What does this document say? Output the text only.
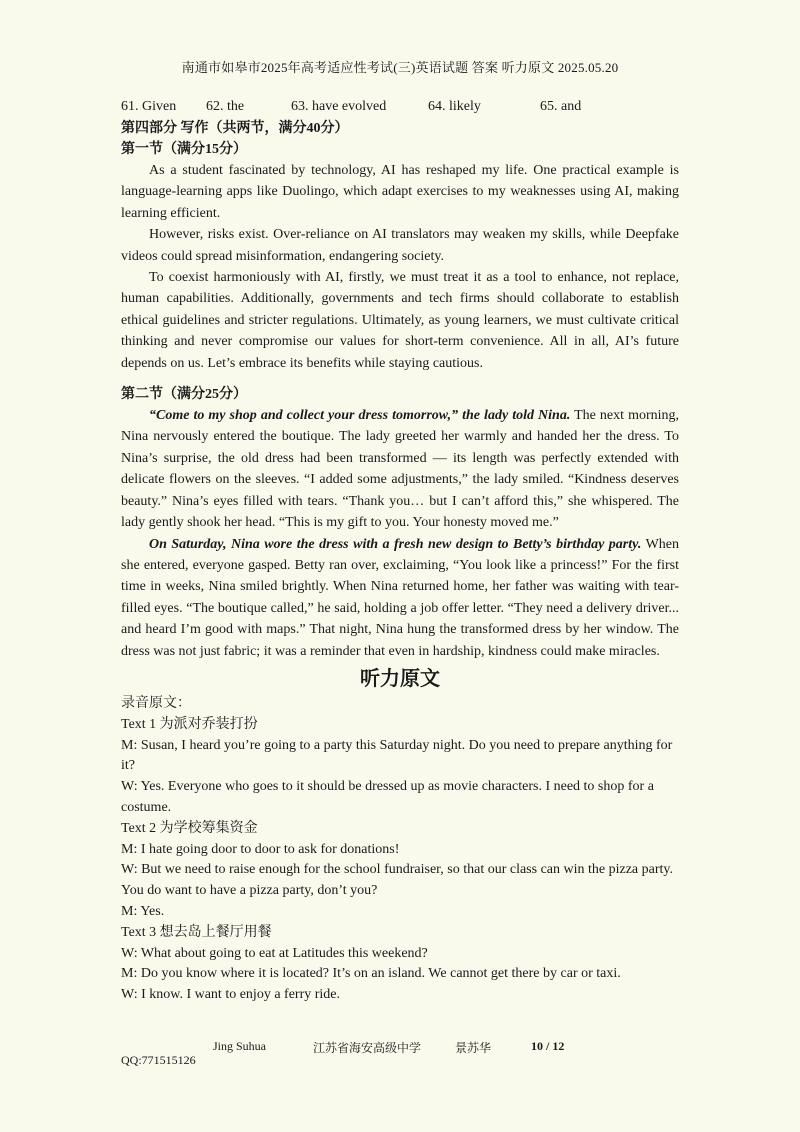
南通市如皋市2025年高考适应性考试(三)英语试题 答案 听力原文 2025.05.20
61. Given	62. the	63. have evolved	64. likely	65. and
第四部分 写作（共两节，满分40分）
第一节（满分15分）

As a student fascinated by technology, AI has reshaped my life. One practical example is language-learning apps like Duolingo, which adapt exercises to my weaknesses using AI, making learning efficient.

However, risks exist. Over-reliance on AI translators may weaken my skills, while Deepfake videos could spread misinformation, endangering society.

To coexist harmoniously with AI, firstly, we must treat it as a tool to enhance, not replace, human capabilities. Additionally, governments and tech firms should collaborate to establish ethical guidelines and stricter regulations. Ultimately, as young learners, we must cultivate critical thinking and never compromise our values for short-term convenience. All in all, AI’s future depends on us. Let’s embrace its benefits while staying cautious.

第二节（满分25分）

“Come to my shop and collect your dress tomorrow,” the lady told Nina. The next morning, Nina nervously entered the boutique. The lady greeted her warmly and handed her the dress. To Nina’s surprise, the old dress had been transformed — its length was perfectly extended with delicate flowers on the sleeves. “I added some adjustments,” the lady smiled. “Kindness deserves beauty.” Nina’s eyes filled with tears. “Thank you… but I can’t afford this,” she whispered. The lady gently shook her head. “This is my gift to you. Your honesty moved me.”

On Saturday, Nina wore the dress with a fresh new design to Betty’s birthday party. When she entered, everyone gasped. Betty ran over, exclaiming, “You look like a princess!” For the first time in weeks, Nina smiled brightly. When Nina returned home, her father was waiting with tear-filled eyes. “The boutique called,” he said, holding a job offer letter. “They need a delivery driver... and heard I’m good with maps.” That night, Nina hung the transformed dress by her window. The dress was not just fabric; it was a reminder that even in hardship, kindness could make miracles.

听力原文

录音原文：

Text 1 为派对乔装打扮

M: Susan, I heard you’re going to a party this Saturday night. Do you need to prepare anything for it?

W: Yes. Everyone who goes to it should be dressed up as movie characters. I need to shop for a costume.

Text 2 为学校筹集资金

M: I hate going door to door to ask for donations!

W: But we need to raise enough for the school fundraiser, so that our class can win the pizza party. You do want to have a pizza party, don’t you?

M: Yes.

Text 3 想去岛上餐厅用餐

W: What about going to eat at Latitudes this weekend?

M: Do you know where it is located? It’s on an island. We cannot get there by car or taxi.

W: I know. I want to enjoy a ferry ride.

Jing Suhua	江苏省海安高级中学	景苏华	10 / 12
QQ:771515126
